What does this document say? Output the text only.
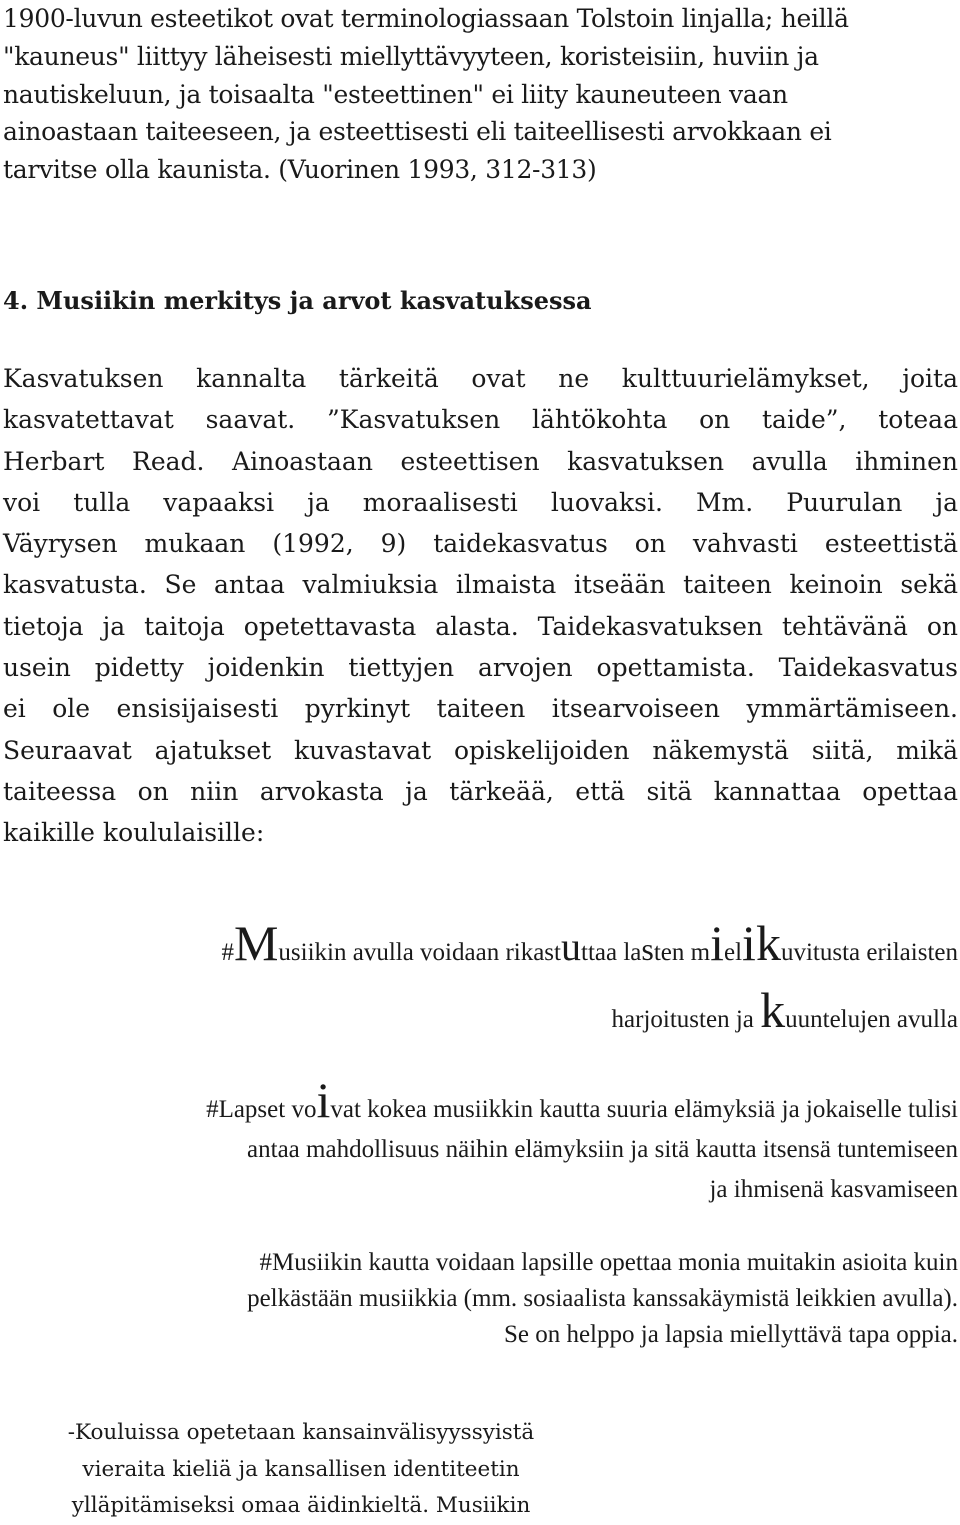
1900-luvun esteetikot ovat terminologiassaan Tolstoin linjalla; heillä
"kauneus" liittyy läheisesti miellyttävyyteen, koristeisiin, huviin ja
nautiskeluun, ja toisaalta "esteettinen" ei liity kauneuteen vaan
ainoastaan taiteeseen, ja esteettisesti eli taiteellisesti arvokkaan ei
tarvitse olla kaunista. (Vuorinen 1993, 312-313)
4. Musiikin merkitys ja arvot kasvatuksessa
Kasvatuksen kannalta tärkeitä ovat ne kulttuurielämykset, joita
kasvatettavat saavat. ”Kasvatuksen lähtökohta on taide”, toteaa
Herbart Read. Ainoastaan esteettisen kasvatuksen avulla ihminen
voi tulla vapaaksi ja moraalisesti luovaksi. Mm. Puurulan ja
Väyrysen mukaan (1992, 9) taidekasvatus on vahvasti esteettistä
kasvatusta. Se antaa valmiuksia ilmaista itseään taiteen keinoin sekä
tietoja ja taitoja opetettavasta alasta. Taidekasvatuksen tehtävänä on
usein pidetty joidenkin tiettyjen arvojen opettamista. Taidekasvatus
ei ole ensisijaisesti pyrkinyt taiteen itsearvoiseen ymmärtämiseen.
Seuraavat ajatukset kuvastavat opiskelijoiden näkemystä siitä, mikä
taiteessa on niin arvokasta ja tärkeää, että sitä kannattaa opettaa
kaikille koululaisille:
#Musiikin avulla voidaan rikastuttaa lasten mielikuvitusta erilaisten
harjoitusten ja kuuntelujen avulla
#Lapset voivat kokea musiikkin kautta suuria elämyksiä ja jokaiselle tulisi
antaa mahdollisuus näihin elämyksiin ja sitä kautta itsensä tuntemiseen
ja ihmisenä kasvamiseen
#Musiikin kautta voidaan lapsille opettaa monia muitakin asioita kuin
pelkästään musiikkia (mm. sosiaalista kanssakäymistä leikkien avulla).
Se on helppo ja lapsia miellyttävä tapa oppia.
-Kouluissa opetetaan kansainvälisyyssyistä
vieraita kieliä ja kansallisen identiteetin
ylläpitämiseksi omaa äidinkieltä. Musiikin
